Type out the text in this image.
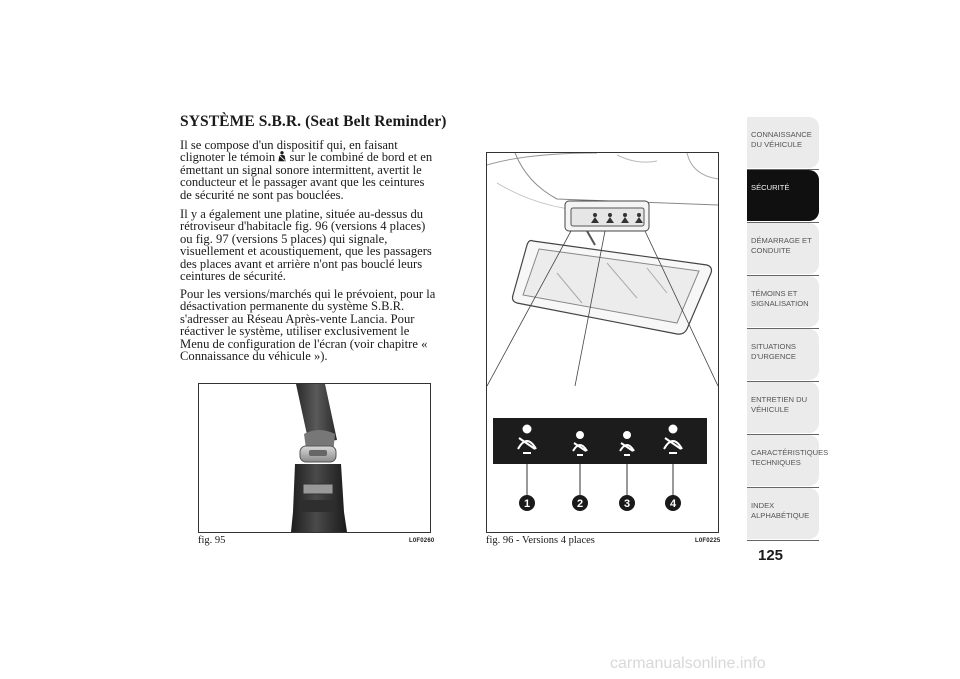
SYSTÈME S.B.R. (Seat Belt Reminder)

Il se compose d'un dispositif qui, en faisant
clignoter le témoin sur le combiné de bord et en
émettant un signal sonore intermittent, avertit le
conducteur et le passager avant que les ceintures
de sécurité ne sont pas bouclées.

Il y a également une platine, située au-dessus du
rétroviseur d'habitacle fig. 96 (versions 4 places)
ou fig. 97 (versions 5 places) qui signale,
visuellement et acoustiquement, que les passagers
des places avant et arrière n'ont pas bouclé leurs
ceintures de sécurité.

Pour les versions/marchés qui le prévoient, pour la
désactivation permanente du système S.B.R.
s'adresser au Réseau Après-vente Lancia. Pour
réactiver le système, utiliser exclusivement le
Menu de configuration de l'écran (voir chapitre «
Connaissance du véhicule »).

fig. 95	L0F0260
1	2	3	4
fig. 96 - Versions 4 places	L0F0225
CONNAISSANCE DU VÉHICULE
SÉCURITÉ
DÉMARRAGE ET CONDUITE
TÉMOINS ET SIGNALISATION
SITUATIONS D'URGENCE
ENTRETIEN DU VÉHICULE
CARACTÉRISTIQUES TECHNIQUES
INDEX ALPHABÉTIQUE
125
carmanualsonline.info
